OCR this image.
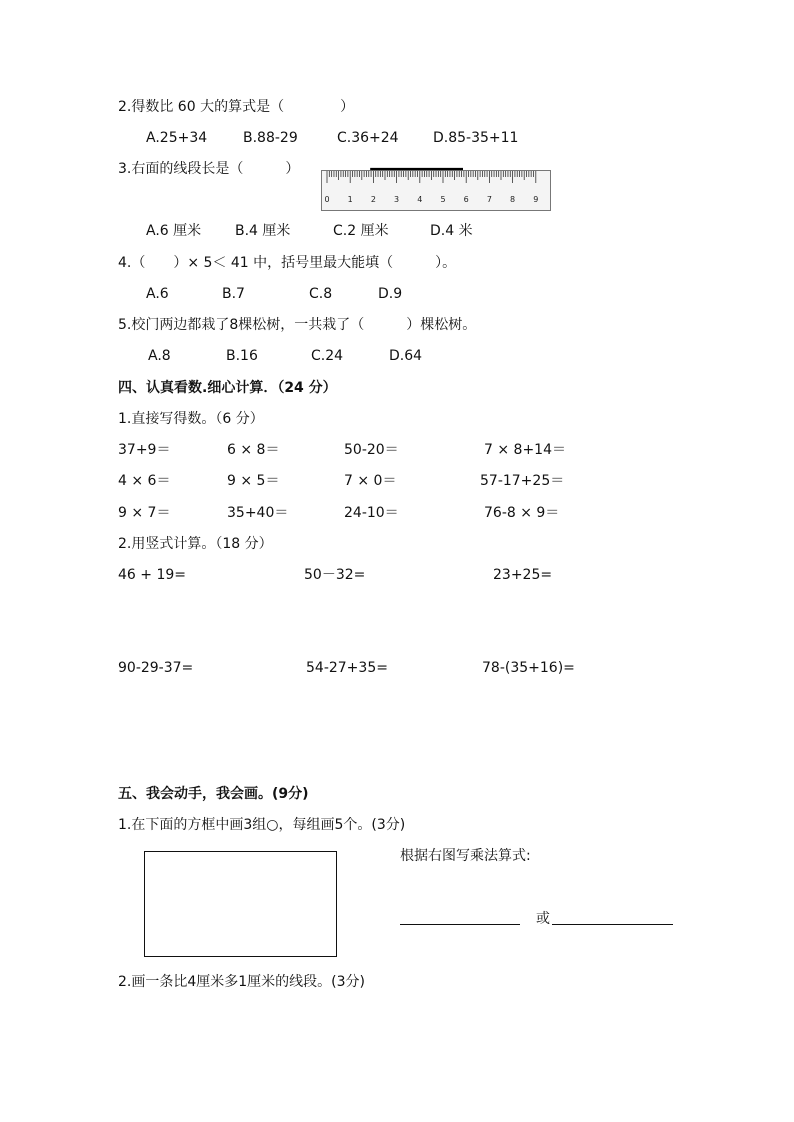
2.得数比 60 大的算式是（　　　　）
A.25+34	B.88-29	C.36+24 D.85-35+11
3.右面的线段长是（　　　）
0 1 2 3 4 5 6 7 8 9
A.6 厘米 B.4 厘米	C.2 厘米	D.4 米
4.（　　）× 5＜ 41 中，括号里最大能填（　　　）。
A.6	B.7	C.8	D.9
5.校门两边都栽了8棵松树，一共栽了（　　　）棵松树。
A.8	B.16	C.24	D.64
四、认真看数.细心计算．（24 分）
1.直接写得数。（6 分）
37+9＝	6 × 8＝	50-20＝	7 × 8+14＝
4 × 6＝	9 × 5＝	7 × 0＝	57-17+25＝
9 × 7＝	35+40＝	24-10＝	76-8 × 9＝
2.用竖式计算。（18 分）
46 + 19=	50－32=	23+25=
90-29-37=	54-27+35=	78-(35+16)=
五、我会动手，我会画。(9分)
1.在下面的方框中画3组○，每组画5个。(3分)
根据右图写乘法算式:
或
2.画一条比4厘米多1厘米的线段。(3分)
